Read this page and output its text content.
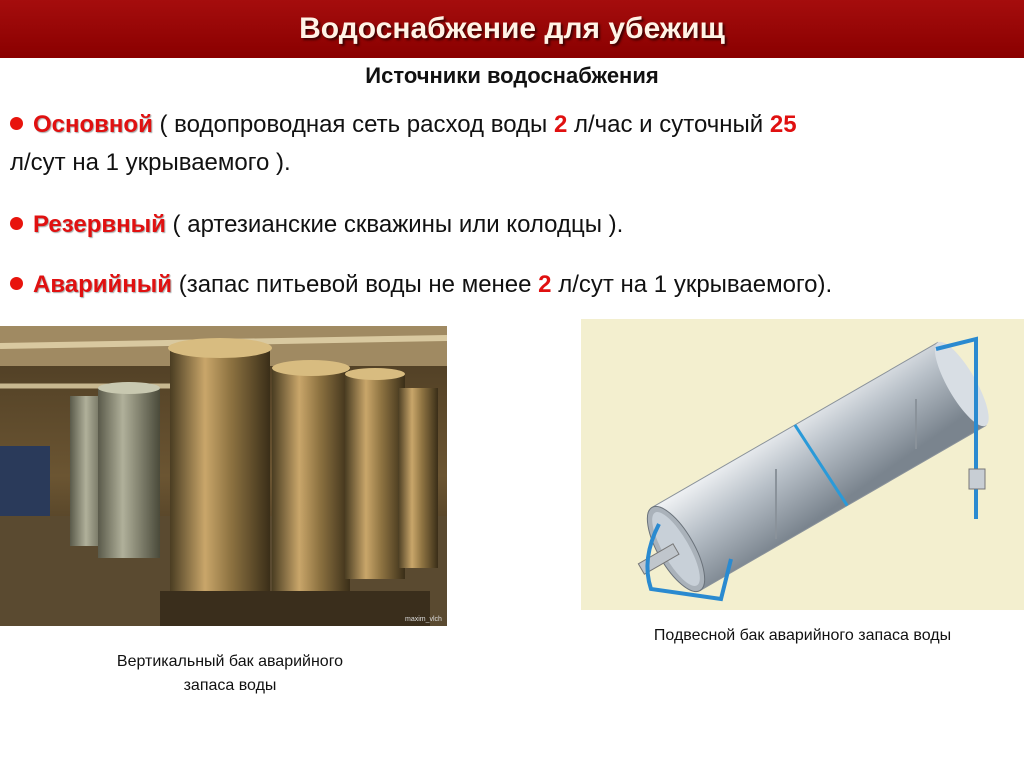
Водоснабжение для убежищ
Источники водоснабжения
Основной ( водопроводная сеть расход воды 2 л/час и суточный 25
л/сут на 1 укрываемого ).
Резервный ( артезианские скважины или колодцы ).
Аварийный (запас питьевой воды не менее 2 л/сут на 1 укрываемого).
maxim_vlch
Вертикальный бак аварийного
запаса воды
Подвесной бак аварийного запаса воды
